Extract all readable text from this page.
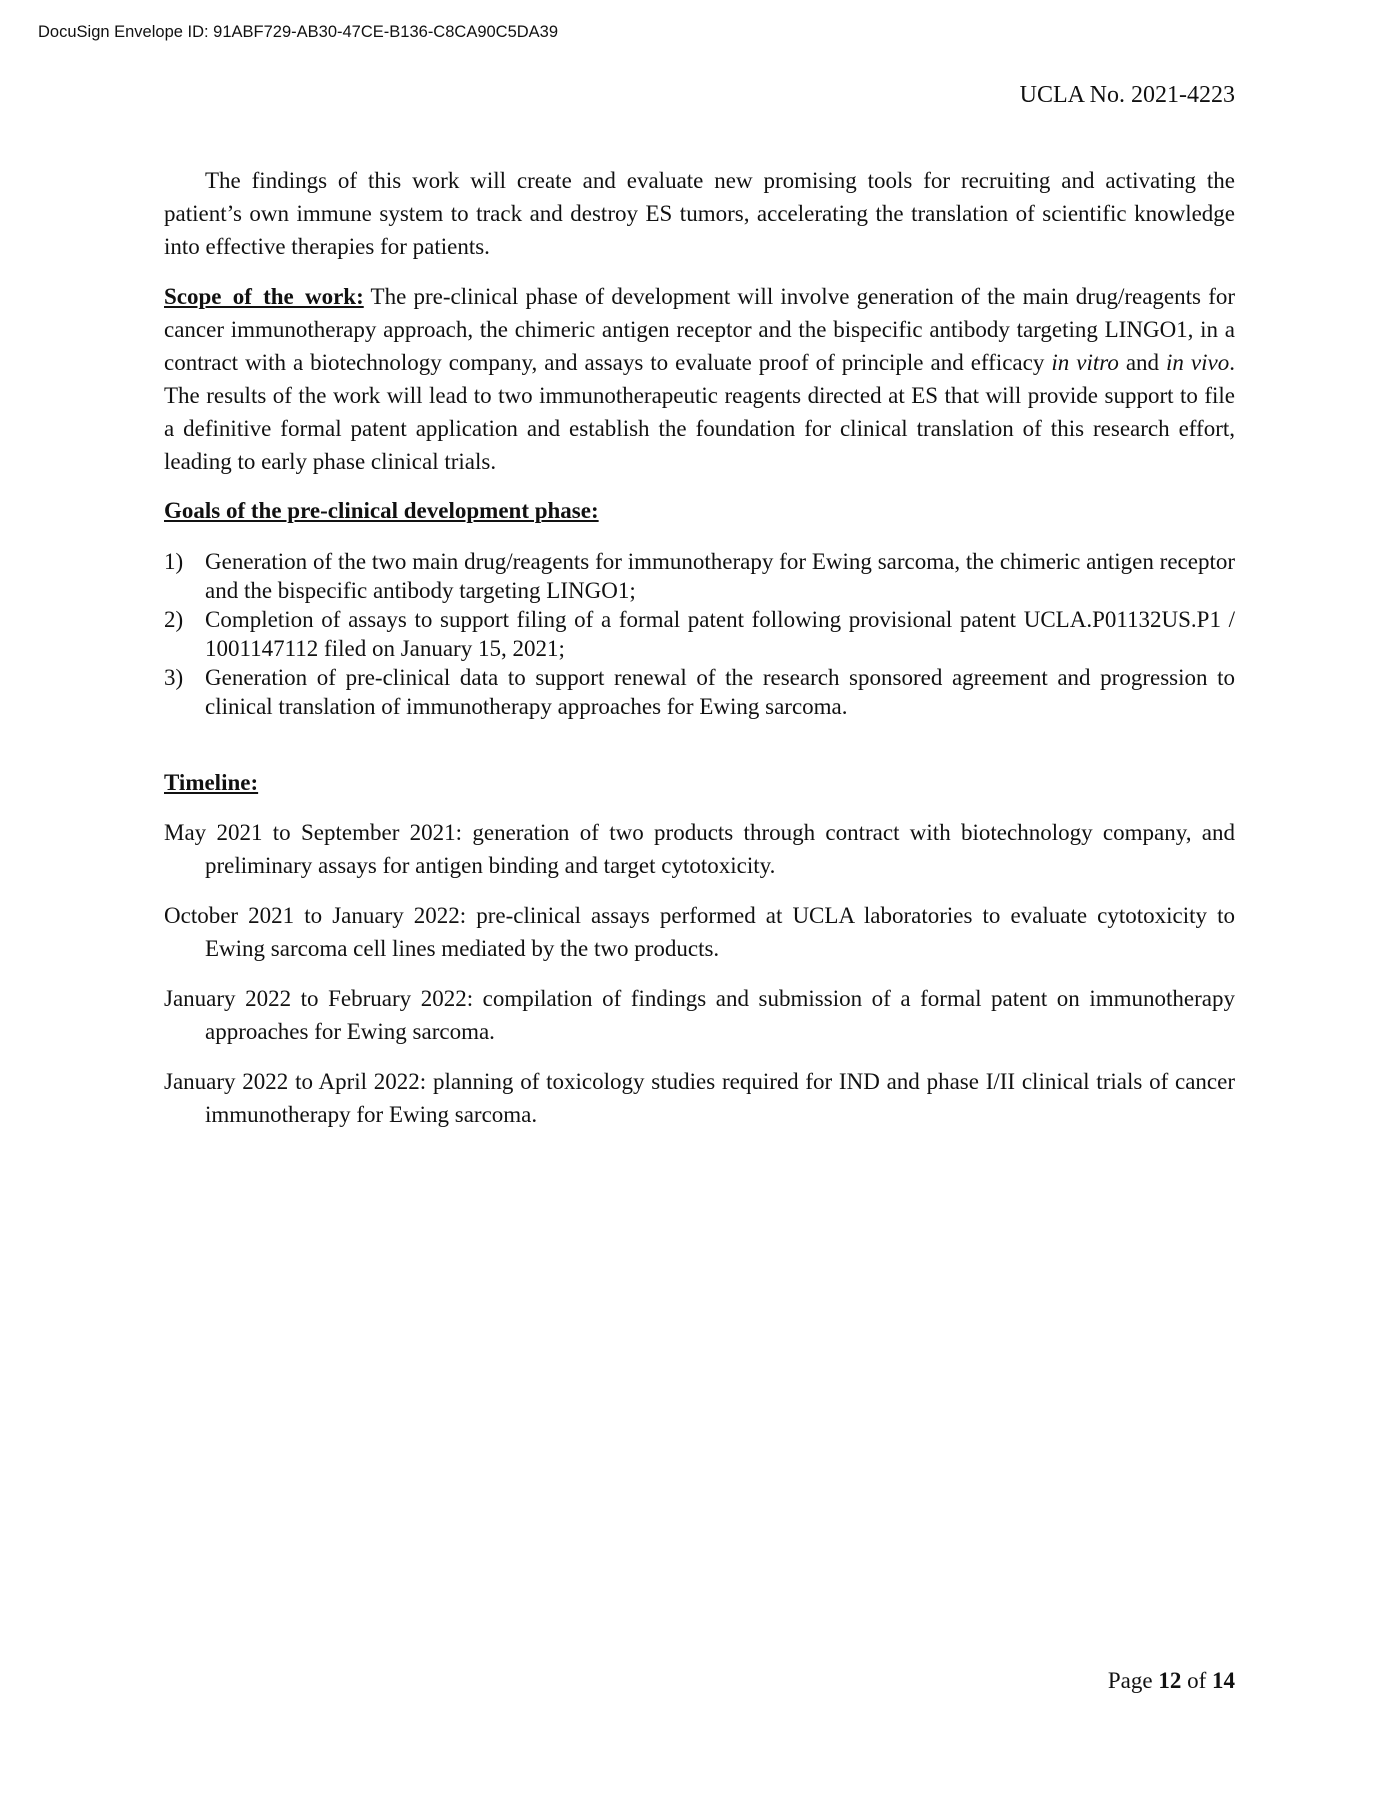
DocuSign Envelope ID: 91ABF729-AB30-47CE-B136-C8CA90C5DA39
UCLA No. 2021-4223

The findings of this work will create and evaluate new promising tools for recruiting and activating the patient’s own immune system to track and destroy ES tumors, accelerating the translation of scientific knowledge into effective therapies for patients.

Scope of the work: The pre-clinical phase of development will involve generation of the main drug/reagents for cancer immunotherapy approach, the chimeric antigen receptor and the bispecific antibody targeting LINGO1, in a contract with a biotechnology company, and assays to evaluate proof of principle and efficacy in vitro and in vivo. The results of the work will lead to two immunotherapeutic reagents directed at ES that will provide support to file a definitive formal patent application and establish the foundation for clinical translation of this research effort, leading to early phase clinical trials.

Goals of the pre-clinical development phase:

1) Generation of the two main drug/reagents for immunotherapy for Ewing sarcoma, the chimeric antigen receptor and the bispecific antibody targeting LINGO1;
2) Completion of assays to support filing of a formal patent following provisional patent UCLA.P01132US.P1 / 1001147112 filed on January 15, 2021;
3) Generation of pre-clinical data to support renewal of the research sponsored agreement and progression to clinical translation of immunotherapy approaches for Ewing sarcoma.

Timeline:

May 2021 to September 2021: generation of two products through contract with biotechnology company, and preliminary assays for antigen binding and target cytotoxicity.

October 2021 to January 2022: pre-clinical assays performed at UCLA laboratories to evaluate cytotoxicity to Ewing sarcoma cell lines mediated by the two products.

January 2022 to February 2022: compilation of findings and submission of a formal patent on immunotherapy approaches for Ewing sarcoma.

January 2022 to April 2022: planning of toxicology studies required for IND and phase I/II clinical trials of cancer immunotherapy for Ewing sarcoma.

Page 12 of 14
